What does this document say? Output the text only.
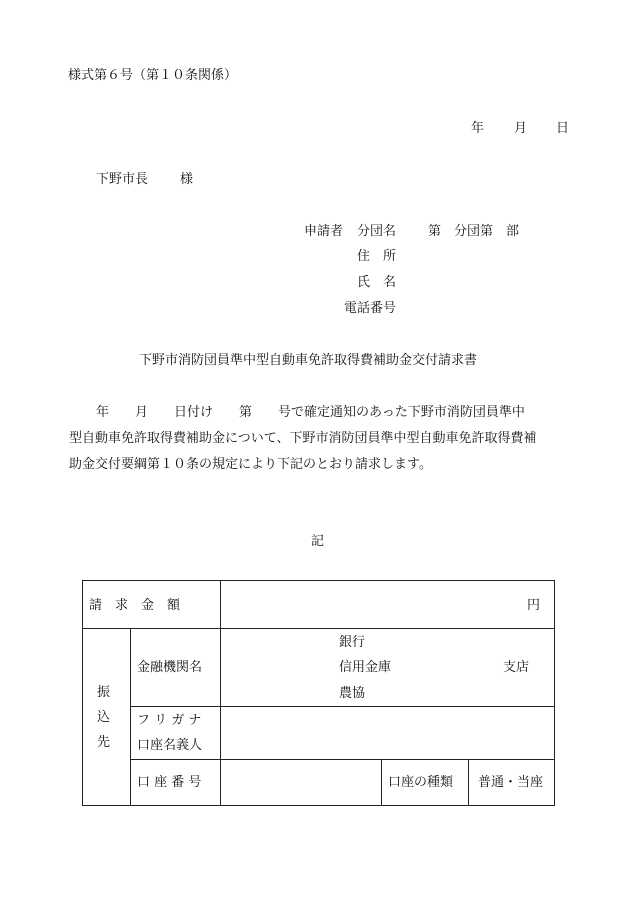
様式第６号（第１０条関係）
年 月 日
下野市長 様
申請者 分団名 第　分団第　部
住　所
氏　名
電話番号
下野市消防団員準中型自動車免許取得費補助金交付請求書
年　　月　　日付け　　第　　号で確定通知のあった下野市消防団員準中
型自動車免許取得費補助金について、下野市消防団員準中型自動車免許取得費補
助金交付要綱第１０条の規定により下記のとおり請求します。
記
請　求　金　額	円
振
込
先
金融機関名
銀行
信用金庫
農協
支店
フ リ ガ ナ
口座名義人
口 座 番 号	口座の種類 普通・当座
